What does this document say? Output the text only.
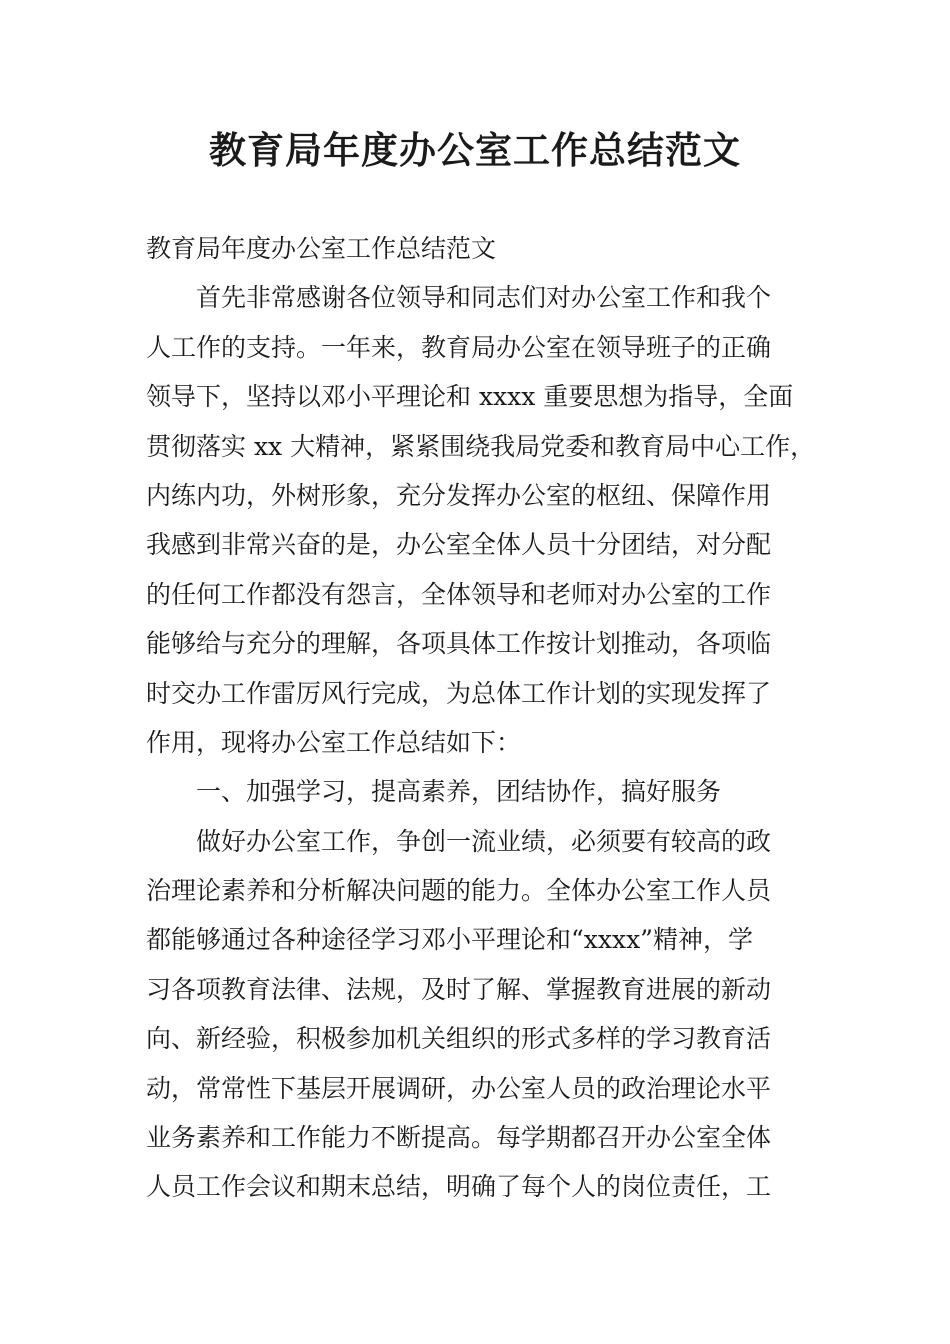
教育局年度办公室工作总结范文
教育局年度办公室工作总结范文
首先非常感谢各位领导和同志们对办公室工作和我个
人工作的支持。一年来，教育局办公室在领导班子的正确
领导下，坚持以邓小平理论和 xxxx 重要思想为指导，全面
贯彻落实 xx 大精神，紧紧围绕我局党委和教育局中心工作，
内练内功，外树形象，充分发挥办公室的枢纽、保障作用
我感到非常兴奋的是，办公室全体人员十分团结，对分配
的任何工作都没有怨言，全体领导和老师对办公室的工作
能够给与充分的理解，各项具体工作按计划推动，各项临
时交办工作雷厉风行完成，为总体工作计划的实现发挥了
作用，现将办公室工作总结如下：
一、加强学习，提高素养，团结协作，搞好服务
做好办公室工作，争创一流业绩，必须要有较高的政
治理论素养和分析解决问题的能力。全体办公室工作人员
都能够通过各种途径学习邓小平理论和“xxxx”精神，学
习各项教育法律、法规，及时了解、掌握教育进展的新动
向、新经验，积极参加机关组织的形式多样的学习教育活
动，常常性下基层开展调研，办公室人员的政治理论水平
业务素养和工作能力不断提高。每学期都召开办公室全体
人员工作会议和期末总结，明确了每个人的岗位责任，工
